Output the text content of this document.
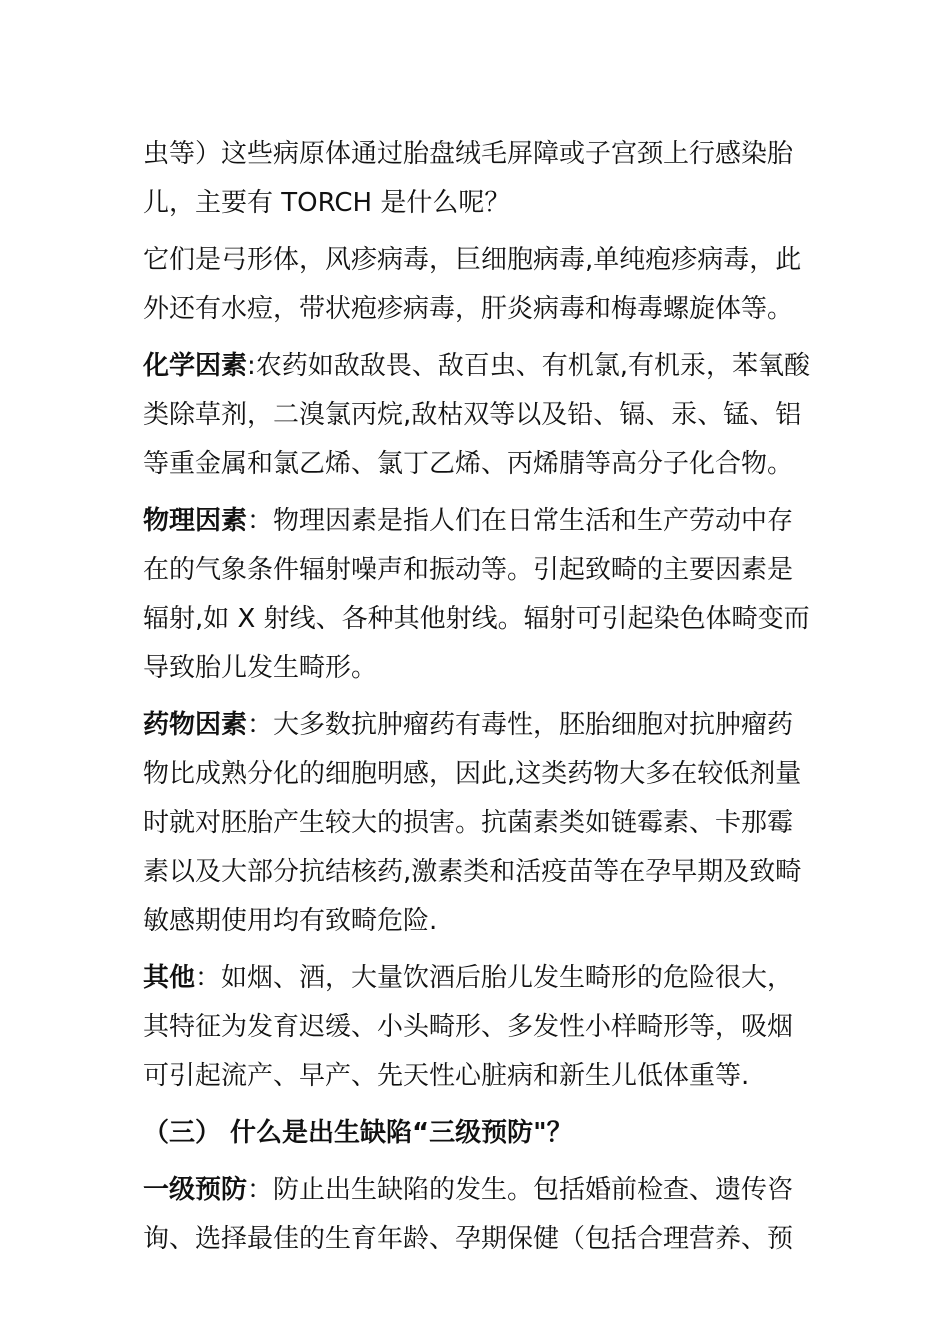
虫等）这些病原体通过胎盘绒毛屏障或子宫颈上行感染胎
儿，主要有 TORCH 是什么呢？

它们是弓形体，风疹病毒，巨细胞病毒,单纯疱疹病毒，此
外还有水痘，带状疱疹病毒，肝炎病毒和梅毒螺旋体等。

化学因素:农药如敌敌畏、敌百虫、有机氯,有机汞，苯氧酸
类除草剂，二溴氯丙烷,敌枯双等以及铅、镉、汞、锰、铝
等重金属和氯乙烯、氯丁乙烯、丙烯腈等高分子化合物。

物理因素：物理因素是指人们在日常生活和生产劳动中存
在的气象条件辐射噪声和振动等。引起致畸的主要因素是
辐射,如 X 射线、各种其他射线。辐射可引起染色体畸变而
导致胎儿发生畸形。

药物因素：大多数抗肿瘤药有毒性，胚胎细胞对抗肿瘤药
物比成熟分化的细胞明感，因此,这类药物大多在较低剂量
时就对胚胎产生较大的损害。抗菌素类如链霉素、卡那霉
素以及大部分抗结核药,激素类和活疫苗等在孕早期及致畸
敏感期使用均有致畸危险.

其他：如烟、酒，大量饮酒后胎儿发生畸形的危险很大，
其特征为发育迟缓、小头畸形、多发性小样畸形等，吸烟
可引起流产、早产、先天性心脏病和新生儿低体重等.

（三） 什么是出生缺陷“三级预防"？

一级预防：防止出生缺陷的发生。包括婚前检查、遗传咨
询、选择最佳的生育年龄、孕期保健（包括合理营养、预
